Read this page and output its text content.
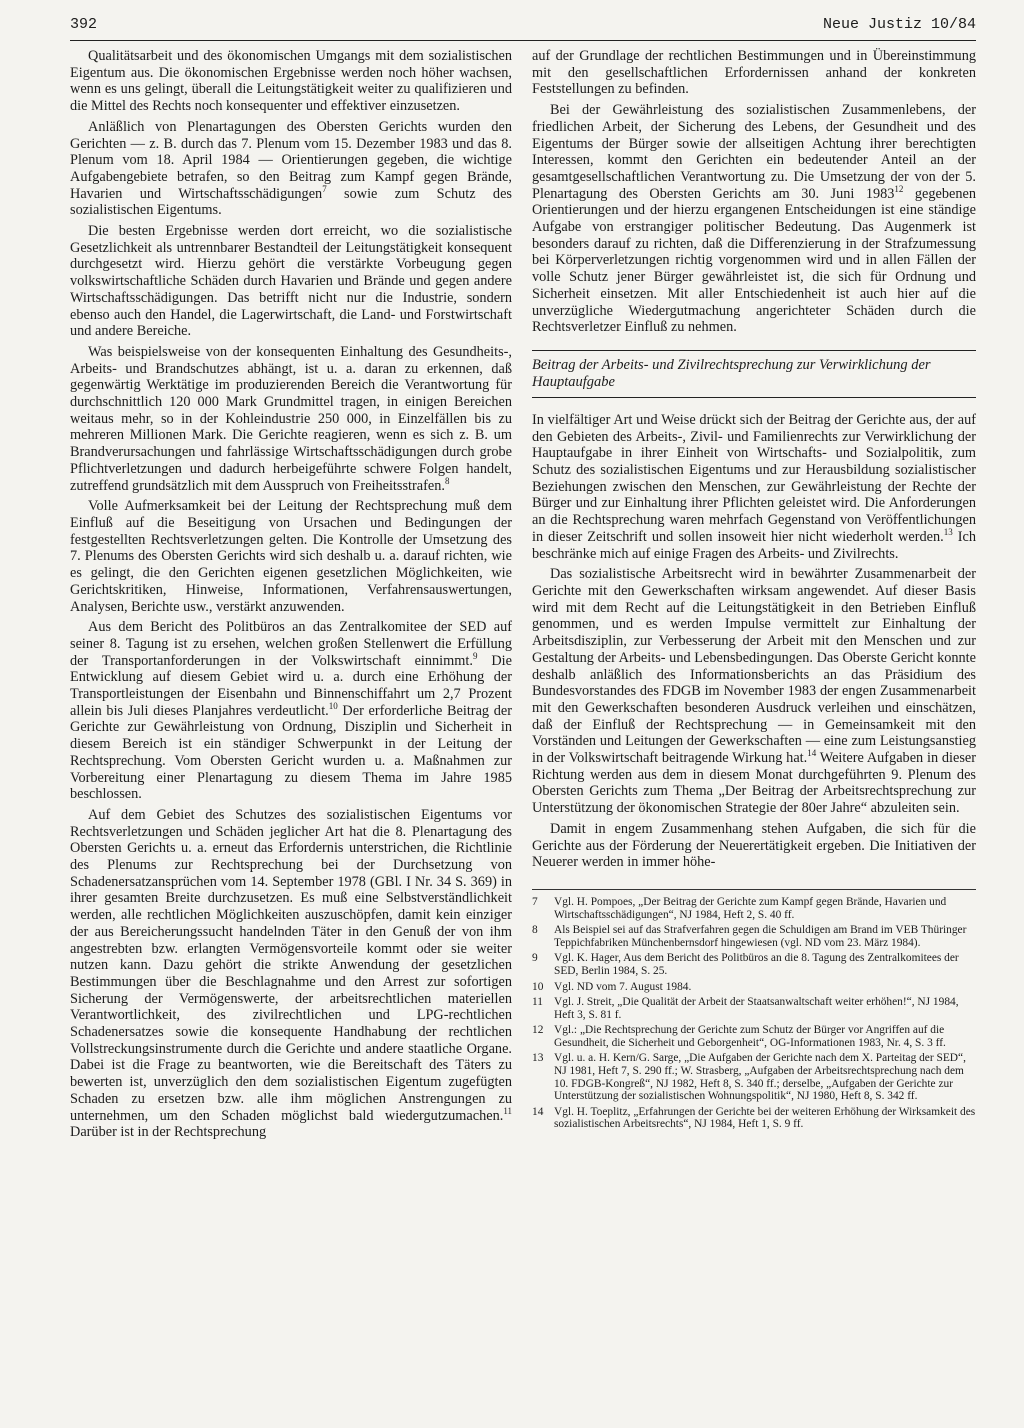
392	Neue Justiz 10/84

Qualitätsarbeit und des ökonomischen Umgangs mit dem sozialistischen Eigentum aus. Die ökonomischen Ergebnisse werden noch höher wachsen, wenn es uns gelingt, überall die Leitungstätigkeit weiter zu qualifizieren und die Mittel des Rechts noch konsequenter und effektiver einzusetzen.

Anläßlich von Plenartagungen des Obersten Gerichts wurden den Gerichten — z. B. durch das 7. Plenum vom 15. Dezember 1983 und das 8. Plenum vom 18. April 1984 — Orientierungen gegeben, die wichtige Aufgabengebiete betrafen, so den Beitrag zum Kampf gegen Brände, Havarien und Wirtschaftsschädigungen$^7$ sowie zum Schutz des sozialistischen Eigentums.

Die besten Ergebnisse werden dort erreicht, wo die sozialistische Gesetzlichkeit als untrennbarer Bestandteil der Leitungstätigkeit konsequent durchgesetzt wird. Hierzu gehört die verstärkte Vorbeugung gegen volkswirtschaftliche Schäden durch Havarien und Brände und gegen andere Wirtschaftsschädigungen. Das betrifft nicht nur die Industrie, sondern ebenso auch den Handel, die Lagerwirtschaft, die Land- und Forstwirtschaft und andere Bereiche.

Was beispielsweise von der konsequenten Einhaltung des Gesundheits-, Arbeits- und Brandschutzes abhängt, ist u. a. daran zu erkennen, daß gegenwärtig Werktätige im produzierenden Bereich die Verantwortung für durchschnittlich 120 000 Mark Grundmittel tragen, in einigen Bereichen weitaus mehr, so in der Kohleindustrie 250 000, in Einzelfällen bis zu mehreren Millionen Mark. Die Gerichte reagieren, wenn es sich z. B. um Brandverursachungen und fahrlässige Wirtschaftsschädigungen durch grobe Pflichtverletzungen und dadurch herbeigeführte schwere Folgen handelt, zutreffend grundsätzlich mit dem Ausspruch von Freiheitsstrafen.$^8$

Volle Aufmerksamkeit bei der Leitung der Rechtsprechung muß dem Einfluß auf die Beseitigung von Ursachen und Bedingungen der festgestellten Rechtsverletzungen gelten. Die Kontrolle der Umsetzung des 7. Plenums des Obersten Gerichts wird sich deshalb u. a. darauf richten, wie es gelingt, die den Gerichten eigenen gesetzlichen Möglichkeiten, wie Gerichtskritiken, Hinweise, Informationen, Verfahrensauswertungen, Analysen, Berichte usw., verstärkt anzuwenden.

Aus dem Bericht des Politbüros an das Zentralkomitee der SED auf seiner 8. Tagung ist zu ersehen, welchen großen Stellenwert die Erfüllung der Transportanforderungen in der Volkswirtschaft einnimmt.$^9$ Die Entwicklung auf diesem Gebiet wird u. a. durch eine Erhöhung der Transportleistungen der Eisenbahn und Binnenschiffahrt um 2,7 Prozent allein bis Juli dieses Planjahres verdeutlicht.$^{10}$ Der erforderliche Beitrag der Gerichte zur Gewährleistung von Ordnung, Disziplin und Sicherheit in diesem Bereich ist ein ständiger Schwerpunkt in der Leitung der Rechtsprechung. Vom Obersten Gericht wurden u. a. Maßnahmen zur Vorbereitung einer Plenartagung zu diesem Thema im Jahre 1985 beschlossen.

Auf dem Gebiet des Schutzes des sozialistischen Eigentums vor Rechtsverletzungen und Schäden jeglicher Art hat die 8. Plenartagung des Obersten Gerichts u. a. erneut das Erfordernis unterstrichen, die Richtlinie des Plenums zur Rechtsprechung bei der Durchsetzung von Schadenersatzansprüchen vom 14. September 1978 (GBl. I Nr. 34 S. 369) in ihrer gesamten Breite durchzusetzen. Es muß eine Selbstverständlichkeit werden, alle rechtlichen Möglichkeiten auszuschöpfen, damit kein einziger der aus Bereicherungssucht handelnden Täter in den Genuß der von ihm angestrebten bzw. erlangten Vermögensvorteile kommt oder sie weiter nutzen kann. Dazu gehört die strikte Anwendung der gesetzlichen Bestimmungen über die Beschlagnahme und den Arrest zur sofortigen Sicherung der Vermögenswerte, der arbeitsrechtlichen materiellen Verantwortlichkeit, des zivilrechtlichen und LPG-rechtlichen Schadenersatzes sowie die konsequente Handhabung der rechtlichen Vollstreckungsinstrumente durch die Gerichte und andere staatliche Organe. Dabei ist die Frage zu beantworten, wie die Bereitschaft des Täters zu bewerten ist, unverzüglich den dem sozialistischen Eigentum zugefügten Schaden zu ersetzen bzw. alle ihm möglichen Anstrengungen zu unternehmen, um den Schaden möglichst bald wiedergutzumachen.$^{11}$ Darüber ist in der Rechtsprechung

auf der Grundlage der rechtlichen Bestimmungen und in Übereinstimmung mit den gesellschaftlichen Erfordernissen anhand der konkreten Feststellungen zu befinden.

Bei der Gewährleistung des sozialistischen Zusammenlebens, der friedlichen Arbeit, der Sicherung des Lebens, der Gesundheit und des Eigentums der Bürger sowie der allseitigen Achtung ihrer berechtigten Interessen, kommt den Gerichten ein bedeutender Anteil an der gesamtgesellschaftlichen Verantwortung zu. Die Umsetzung der von der 5. Plenartagung des Obersten Gerichts am 30. Juni 1983$^{12}$ gegebenen Orientierungen und der hierzu ergangenen Entscheidungen ist eine ständige Aufgabe von erstrangiger politischer Bedeutung. Das Augenmerk ist besonders darauf zu richten, daß die Differenzierung in der Strafzumessung bei Körperverletzungen richtig vorgenommen wird und in allen Fällen der volle Schutz jener Bürger gewährleistet ist, die sich für Ordnung und Sicherheit einsetzen. Mit aller Entschiedenheit ist auch hier auf die unverzügliche Wiedergutmachung angerichteter Schäden durch die Rechtsverletzer Einfluß zu nehmen.

Beitrag der Arbeits- und Zivilrechtsprechung zur Verwirklichung der Hauptaufgabe

In vielfältiger Art und Weise drückt sich der Beitrag der Gerichte aus, der auf den Gebieten des Arbeits-, Zivil- und Familienrechts zur Verwirklichung der Hauptaufgabe in ihrer Einheit von Wirtschafts- und Sozialpolitik, zum Schutz des sozialistischen Eigentums und zur Herausbildung sozialistischer Beziehungen zwischen den Menschen, zur Gewährleistung der Rechte der Bürger und zur Einhaltung ihrer Pflichten geleistet wird. Die Anforderungen an die Rechtsprechung waren mehrfach Gegenstand von Veröffentlichungen in dieser Zeitschrift und sollen insoweit hier nicht wiederholt werden.$^{13}$ Ich beschränke mich auf einige Fragen des Arbeits- und Zivilrechts.

Das sozialistische Arbeitsrecht wird in bewährter Zusammenarbeit der Gerichte mit den Gewerkschaften wirksam angewendet. Auf dieser Basis wird mit dem Recht auf die Leitungstätigkeit in den Betrieben Einfluß genommen, und es werden Impulse vermittelt zur Einhaltung der Arbeitsdisziplin, zur Verbesserung der Arbeit mit den Menschen und zur Gestaltung der Arbeits- und Lebensbedingungen. Das Oberste Gericht konnte deshalb anläßlich des Informationsberichts an das Präsidium des Bundesvorstandes des FDGB im November 1983 der engen Zusammenarbeit mit den Gewerkschaften besonderen Ausdruck verleihen und einschätzen, daß der Einfluß der Rechtsprechung — in Gemeinsamkeit mit den Vorständen und Leitungen der Gewerkschaften — eine zum Leistungsanstieg in der Volkswirtschaft beitragende Wirkung hat.$^{14}$ Weitere Aufgaben in dieser Richtung werden aus dem in diesem Monat durchgeführten 9. Plenum des Obersten Gerichts zum Thema „Der Beitrag der Arbeitsrechtsprechung zur Unterstützung der ökonomischen Strategie der 80er Jahre“ abzuleiten sein.

Damit in engem Zusammenhang stehen Aufgaben, die sich für die Gerichte aus der Förderung der Neuerertätigkeit ergeben. Die Initiativen der Neuerer werden in immer höhe-

7	Vgl. H. Pompoes, „Der Beitrag der Gerichte zum Kampf gegen Brände, Havarien und Wirtschaftsschädigungen“, NJ 1984, Heft 2, S. 40 ff.
8	Als Beispiel sei auf das Strafverfahren gegen die Schuldigen am Brand im VEB Thüringer Teppichfabriken Münchenbernsdorf hingewiesen (vgl. ND vom 23. März 1984).
9	Vgl. K. Hager, Aus dem Bericht des Politbüros an die 8. Tagung des Zentralkomitees der SED, Berlin 1984, S. 25.
10 Vgl. ND vom 7. August 1984.
11 Vgl. J. Streit, „Die Qualität der Arbeit der Staatsanwaltschaft weiter erhöhen!“, NJ 1984, Heft 3, S. 81 f.
12 Vgl.: „Die Rechtsprechung der Gerichte zum Schutz der Bürger vor Angriffen auf die Gesundheit, die Sicherheit und Geborgenheit“, OG-Informationen 1983, Nr. 4, S. 3 ff.
13 Vgl. u. a. H. Kern/G. Sarge, „Die Aufgaben der Gerichte nach dem X. Parteitag der SED“, NJ 1981, Heft 7, S. 290 ff.; W. Strasberg, „Aufgaben der Arbeitsrechtsprechung nach dem 10. FDGB-Kongreß“, NJ 1982, Heft 8, S. 340 ff.; derselbe, „Aufgaben der Gerichte zur Unterstützung der sozialistischen Wohnungspolitik“, NJ 1980, Heft 8, S. 342 ff.
14 Vgl. H. Toeplitz, „Erfahrungen der Gerichte bei der weiteren Erhöhung der Wirksamkeit des sozialistischen Arbeitsrechts“, NJ 1984, Heft 1, S. 9 ff.
